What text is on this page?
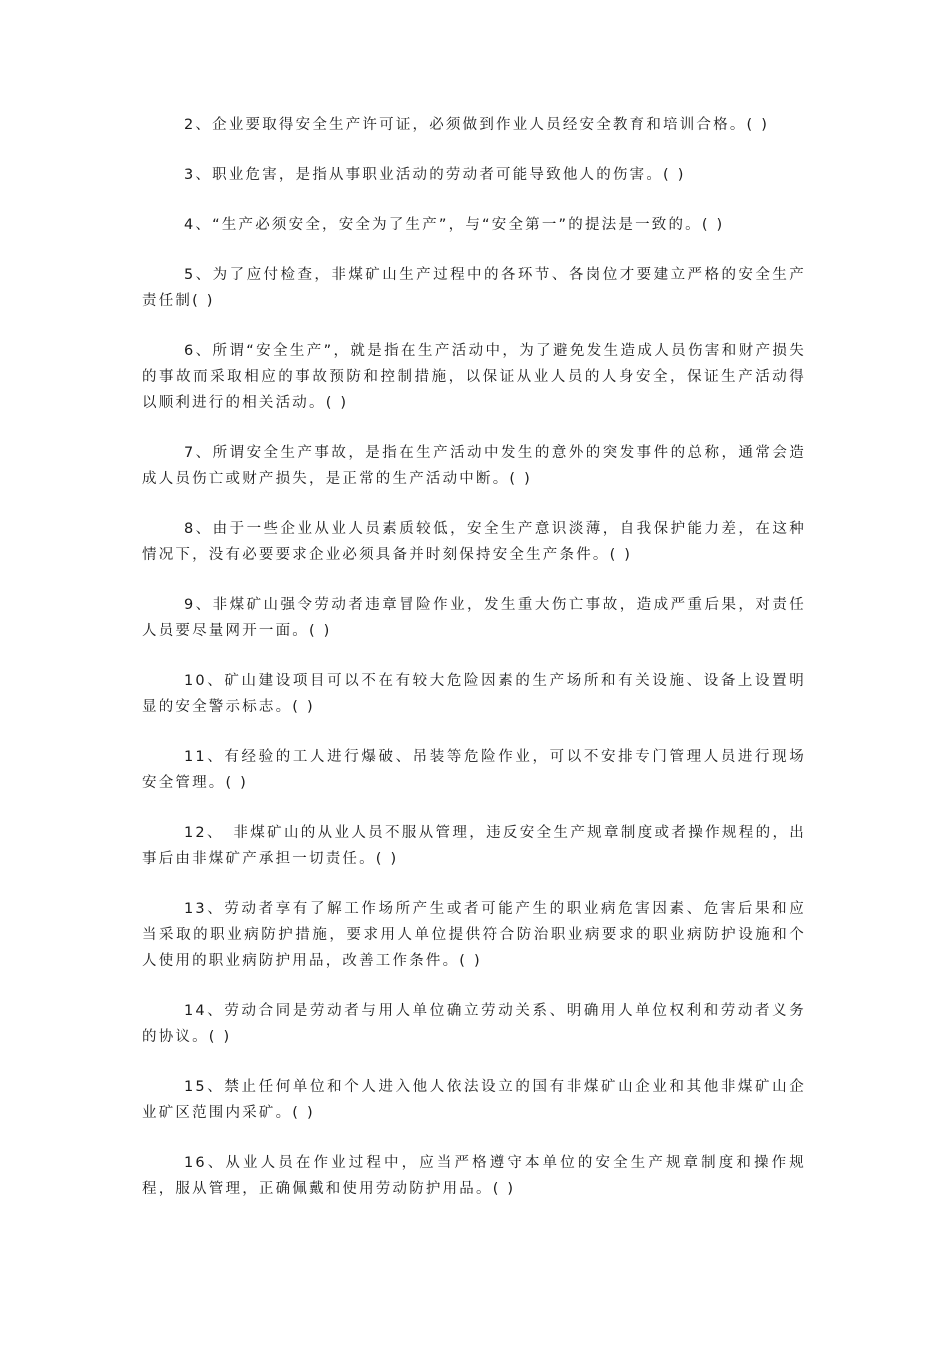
2、企业要取得安全生产许可证，必须做到作业人员经安全教育和培训合格。( )

3、职业危害，是指从事职业活动的劳动者可能导致他人的伤害。( )

4、“生产必须安全，安全为了生产”，与“安全第一”的提法是一致的。( )

5、为了应付检查，非煤矿山生产过程中的各环节、各岗位才要建立严格的安全生产责任制( )

6、所谓“安全生产”，就是指在生产活动中，为了避免发生造成人员伤害和财产损失的事故而采取相应的事故预防和控制措施，以保证从业人员的人身安全，保证生产活动得以顺利进行的相关活动。( )

7、所谓安全生产事故，是指在生产活动中发生的意外的突发事件的总称，通常会造成人员伤亡或财产损失，是正常的生产活动中断。( )

8、由于一些企业从业人员素质较低，安全生产意识淡薄，自我保护能力差，在这种情况下，没有必要要求企业必须具备并时刻保持安全生产条件。( )

9、非煤矿山强令劳动者违章冒险作业，发生重大伤亡事故，造成严重后果，对责任人员要尽量网开一面。( )

10、矿山建设项目可以不在有较大危险因素的生产场所和有关设施、设备上设置明显的安全警示标志。( )

11、有经验的工人进行爆破、吊装等危险作业，可以不安排专门管理人员进行现场安全管理。( )

12、　非煤矿山的从业人员不服从管理，违反安全生产规章制度或者操作规程的，出事后由非煤矿产承担一切责任。( )

13、劳动者享有了解工作场所产生或者可能产生的职业病危害因素、危害后果和应当采取的职业病防护措施，要求用人单位提供符合防治职业病要求的职业病防护设施和个人使用的职业病防护用品，改善工作条件。( )

14、劳动合同是劳动者与用人单位确立劳动关系、明确用人单位权利和劳动者义务的协议。( )

15、禁止任何单位和个人进入他人依法设立的国有非煤矿山企业和其他非煤矿山企业矿区范围内采矿。( )

16、从业人员在作业过程中，应当严格遵守本单位的安全生产规章制度和操作规程，服从管理，正确佩戴和使用劳动防护用品。( )
